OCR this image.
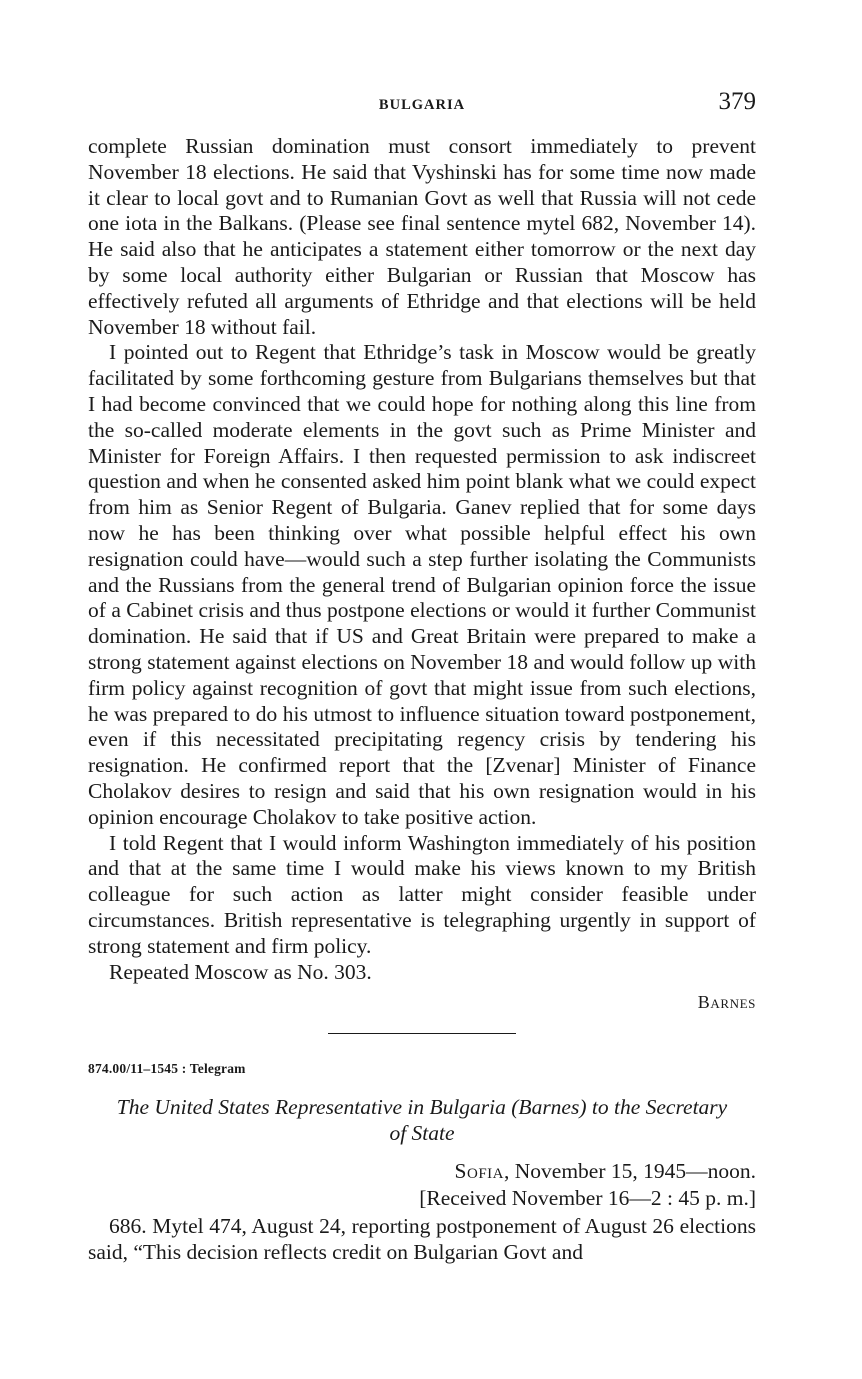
BULGARIA	379

complete Russian domination must consort immediately to prevent November 18 elections. He said that Vyshinski has for some time now made it clear to local govt and to Rumanian Govt as well that Russia will not cede one iota in the Balkans. (Please see final sentence mytel 682, November 14). He said also that he anticipates a statement either tomorrow or the next day by some local authority either Bulgarian or Russian that Moscow has effectively refuted all arguments of Ethridge and that elections will be held November 18 without fail.

I pointed out to Regent that Ethridge’s task in Moscow would be greatly facilitated by some forthcoming gesture from Bulgarians themselves but that I had become convinced that we could hope for nothing along this line from the so-called moderate elements in the govt such as Prime Minister and Minister for Foreign Affairs. I then requested permission to ask indiscreet question and when he consented asked him point blank what we could expect from him as Senior Regent of Bulgaria. Ganev replied that for some days now he has been thinking over what possible helpful effect his own resignation could have—would such a step further isolating the Communists and the Russians from the general trend of Bulgarian opinion force the issue of a Cabinet crisis and thus postpone elections or would it further Communist domination. He said that if US and Great Britain were prepared to make a strong statement against elections on November 18 and would follow up with firm policy against recognition of govt that might issue from such elections, he was prepared to do his utmost to influence situation toward postponement, even if this necessitated precipitating regency crisis by tendering his resignation. He confirmed report that the [Zvenar] Minister of Finance Cholakov desires to resign and said that his own resignation would in his opinion encourage Cholakov to take positive action.

I told Regent that I would inform Washington immediately of his position and that at the same time I would make his views known to my British colleague for such action as latter might consider feasible under circumstances. British representative is telegraphing urgently in support of strong statement and firm policy.

Repeated Moscow as No. 303.

Barnes

874.00/11–1545 : Telegram
The United States Representative in Bulgaria (Barnes) to the Secretary of State
Sofia, November 15, 1945—noon.
[Received November 16—2 : 45 p. m.]

686. Mytel 474, August 24, reporting postponement of August 26 elections said, “This decision reflects credit on Bulgarian Govt and
